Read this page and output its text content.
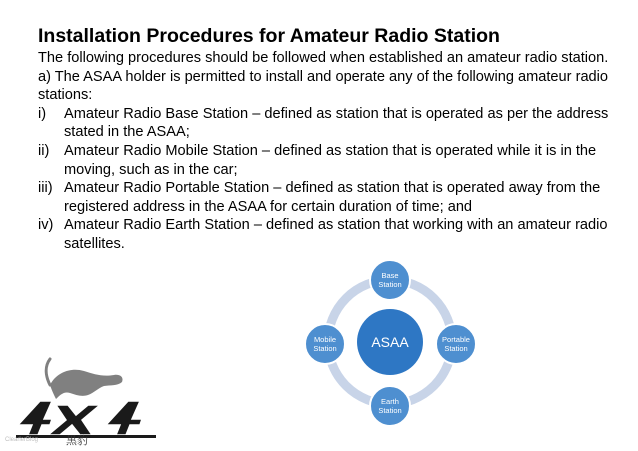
Installation Procedures for Amateur Radio Station

The following procedures should be followed when established an amateur radio station.

a) The ASAA holder is permitted to install and operate any of the following amateur radio stations:

i)	Amateur Radio Base Station – defined as station that is operated as per the address stated in the ASAA;
ii)	Amateur Radio Mobile Station – defined as station that is operated while it is in the moving, such as in the car;
iii) Amateur Radio Portable Station – defined as station that is operated away from the registered address in the ASAA for certain duration of time; and
iv) Amateur Radio Earth Station – defined as station that working with an amateur radio satellites.
ASAA
Base
Station
Portable
Station
Earth
Station
Mobile
Station
黑豹
ClearlerBlog
